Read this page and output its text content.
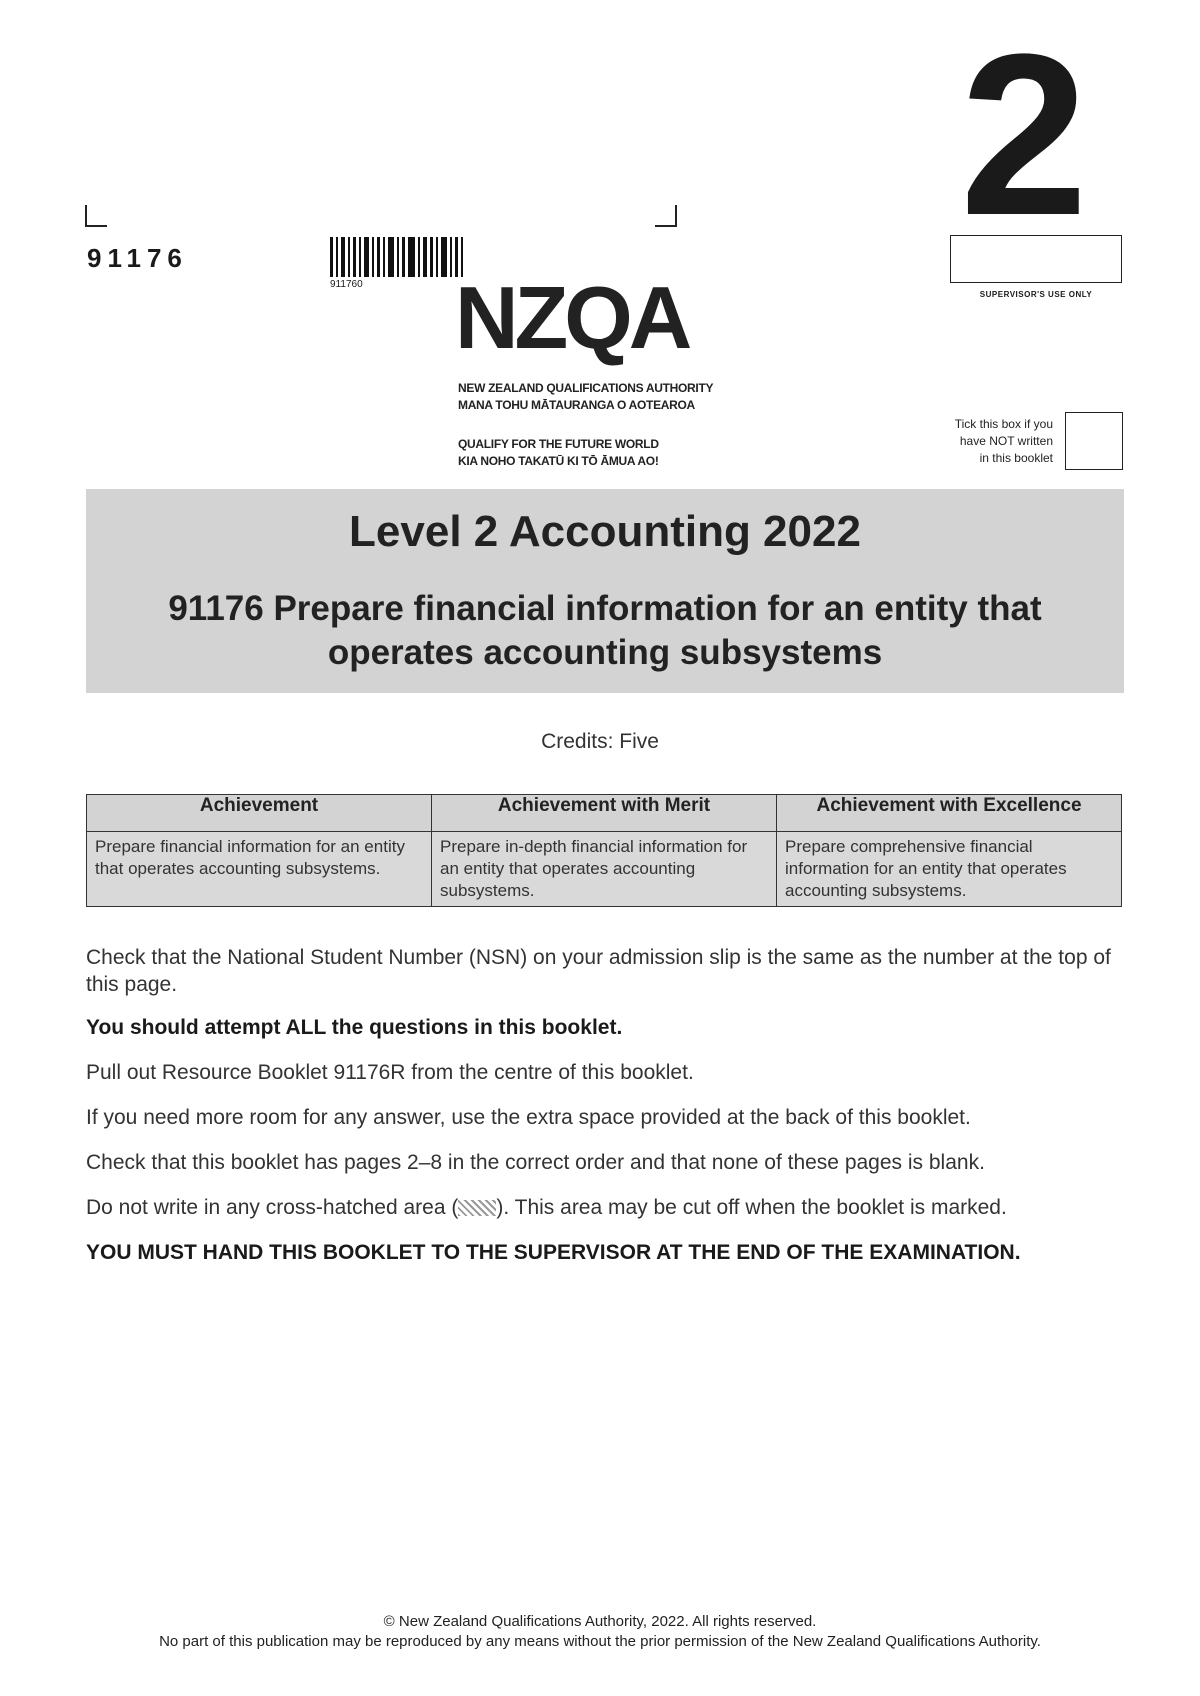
91176
911760
2
SUPERVISOR'S USE ONLY
NZQA
NEW ZEALAND QUALIFICATIONS AUTHORITY
MANA TOHU MĀTAURANGA O AOTEAROA
QUALIFY FOR THE FUTURE WORLD
KIA NOHO TAKATŪ KI TŌ ĀMUA AO!
Tick this box if you
have NOT written
in this booklet
Level 2 Accounting 2022
91176 Prepare financial information for an entity that
operates accounting subsystems
Credits: Five
Achievement	Achievement with Merit	Achievement with Excellence
Prepare financial information for an entity that operates accounting subsystems.	Prepare in-depth financial information for an entity that operates accounting subsystems.	Prepare comprehensive financial information for an entity that operates accounting subsystems.
Check that the National Student Number (NSN) on your admission slip is the same as the number at the top of this page.
You should attempt ALL the questions in this booklet.
Pull out Resource Booklet 91176R from the centre of this booklet.
If you need more room for any answer, use the extra space provided at the back of this booklet.
Check that this booklet has pages 2–8 in the correct order and that none of these pages is blank.
Do not write in any cross-hatched area ( ). This area may be cut off when the booklet is marked.
YOU MUST HAND THIS BOOKLET TO THE SUPERVISOR AT THE END OF THE EXAMINATION.
© New Zealand Qualifications Authority, 2022. All rights reserved.
No part of this publication may be reproduced by any means without the prior permission of the New Zealand Qualifications Authority.
